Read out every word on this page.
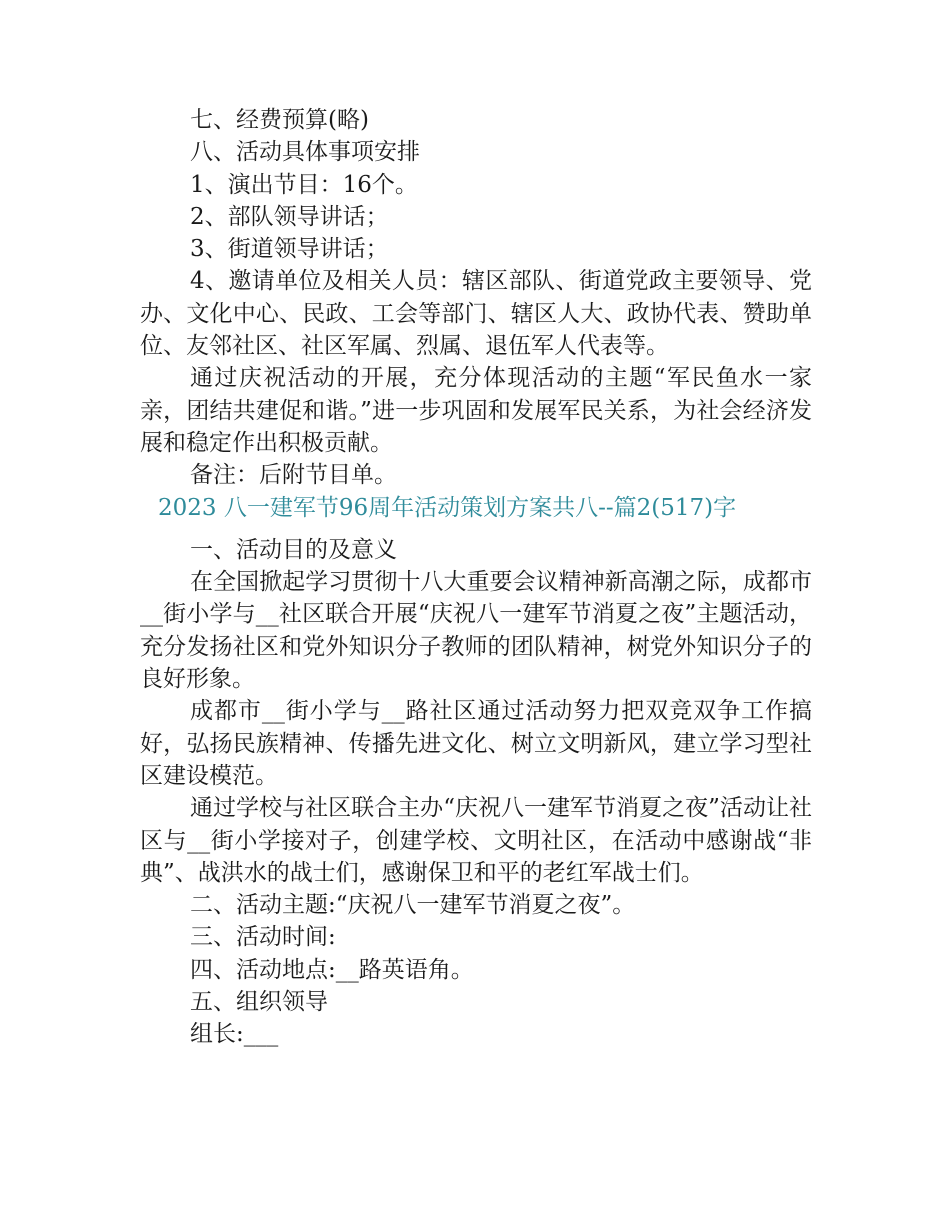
七、经费预算(略)

八、活动具体事项安排

1、演出节目：16个。

2、部队领导讲话；

3、街道领导讲话；

4、邀请单位及相关人员：辖区部队、街道党政主要领导、党办、文化中心、民政、工会等部门、辖区人大、政协代表、赞助单位、友邻社区、社区军属、烈属、退伍军人代表等。

通过庆祝活动的开展，充分体现活动的主题“军民鱼水一家亲，团结共建促和谐。”进一步巩固和发展军民关系，为社会经济发展和稳定作出积极贡献。

备注：后附节目单。

2023 八一建军节96周年活动策划方案共八--篇2(517)字

一、活动目的及意义

在全国掀起学习贯彻十八大重要会议精神新高潮之际，成都市__街小学与__社区联合开展“庆祝八一建军节消夏之夜”主题活动，充分发扬社区和党外知识分子教师的团队精神，树党外知识分子的良好形象。

成都市__街小学与__路社区通过活动努力把双竞双争工作搞好，弘扬民族精神、传播先进文化、树立文明新风，建立学习型社区建设模范。

通过学校与社区联合主办“庆祝八一建军节消夏之夜”活动让社区与__街小学接对子，创建学校、文明社区，在活动中感谢战“非典”、战洪水的战士们，感谢保卫和平的老红军战士们。

二、活动主题:“庆祝八一建军节消夏之夜”。

三、活动时间:

四、活动地点:__路英语角。

五、组织领导

组长:___
